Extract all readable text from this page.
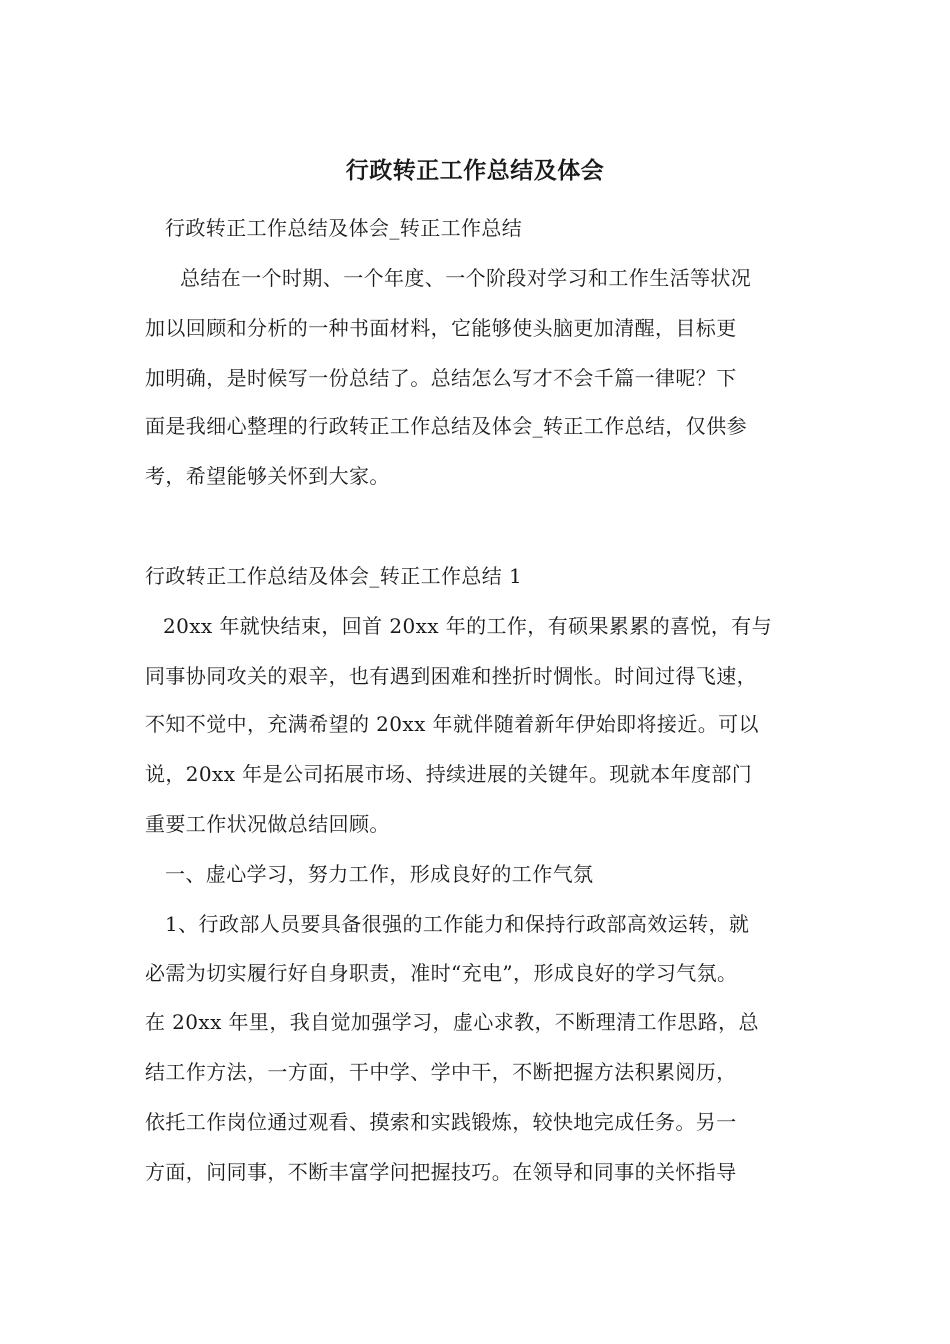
行政转正工作总结及体会
行政转正工作总结及体会_转正工作总结
总结在一个时期、一个年度、一个阶段对学习和工作生活等状况
加以回顾和分析的一种书面材料，它能够使头脑更加清醒，目标更
加明确，是时候写一份总结了。总结怎么写才不会千篇一律呢？下
面是我细心整理的行政转正工作总结及体会_转正工作总结，仅供参
考，希望能够关怀到大家。
行政转正工作总结及体会_转正工作总结 1
20xx 年就快结束，回首 20xx 年的工作，有硕果累累的喜悦，有与
同事协同攻关的艰辛，也有遇到困难和挫折时惆怅。时间过得飞速，
不知不觉中，充满希望的 20xx 年就伴随着新年伊始即将接近。可以
说，20xx 年是公司拓展市场、持续进展的关键年。现就本年度部门
重要工作状况做总结回顾。
一、虚心学习，努力工作，形成良好的工作气氛
1、行政部人员要具备很强的工作能力和保持行政部高效运转，就
必需为切实履行好自身职责，准时“充电”，形成良好的学习气氛。
在 20xx 年里，我自觉加强学习，虚心求教，不断理清工作思路，总
结工作方法，一方面，干中学、学中干，不断把握方法积累阅历，
依托工作岗位通过观看、摸索和实践锻炼，较快地完成任务。另一
方面，问同事，不断丰富学问把握技巧。在领导和同事的关怀指导
